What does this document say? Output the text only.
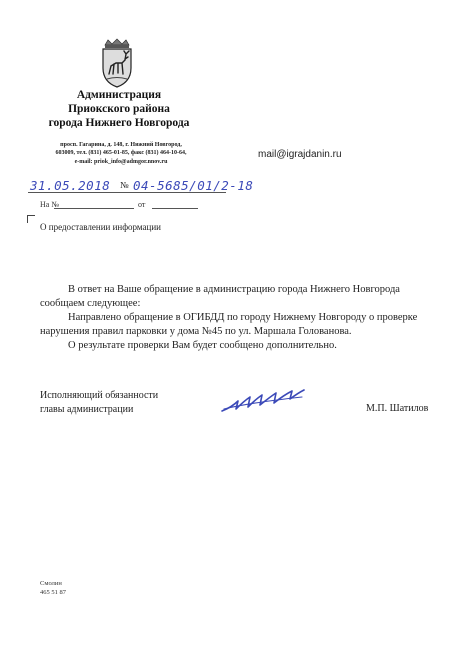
Администрация
Приокского района
города Нижнего Новгорода
просп. Гагарина, д. 148, г. Нижний Новгород,
603009, тел. (831) 465-01-85, факс (831) 464-10-64,
e-mail: priok_info@admgor.nnov.ru
mail@igrajdanin.ru
31.05.2018 № 04-5685/01/2-18
На №	от
О предоставлении информации

В ответ на Ваше обращение в администрацию города Нижнего Новгорода сообщаем следующее:

Направлено обращение в ОГИБДД по городу Нижнему Новгороду о проверке нарушения правил парковки у дома №45 по ул. Маршала Голованова.

О результате проверки Вам будет сообщено дополнительно.

Исполняющий обязанности
главы администрации	М.П. Шатилов
Смолин
465 51 87
